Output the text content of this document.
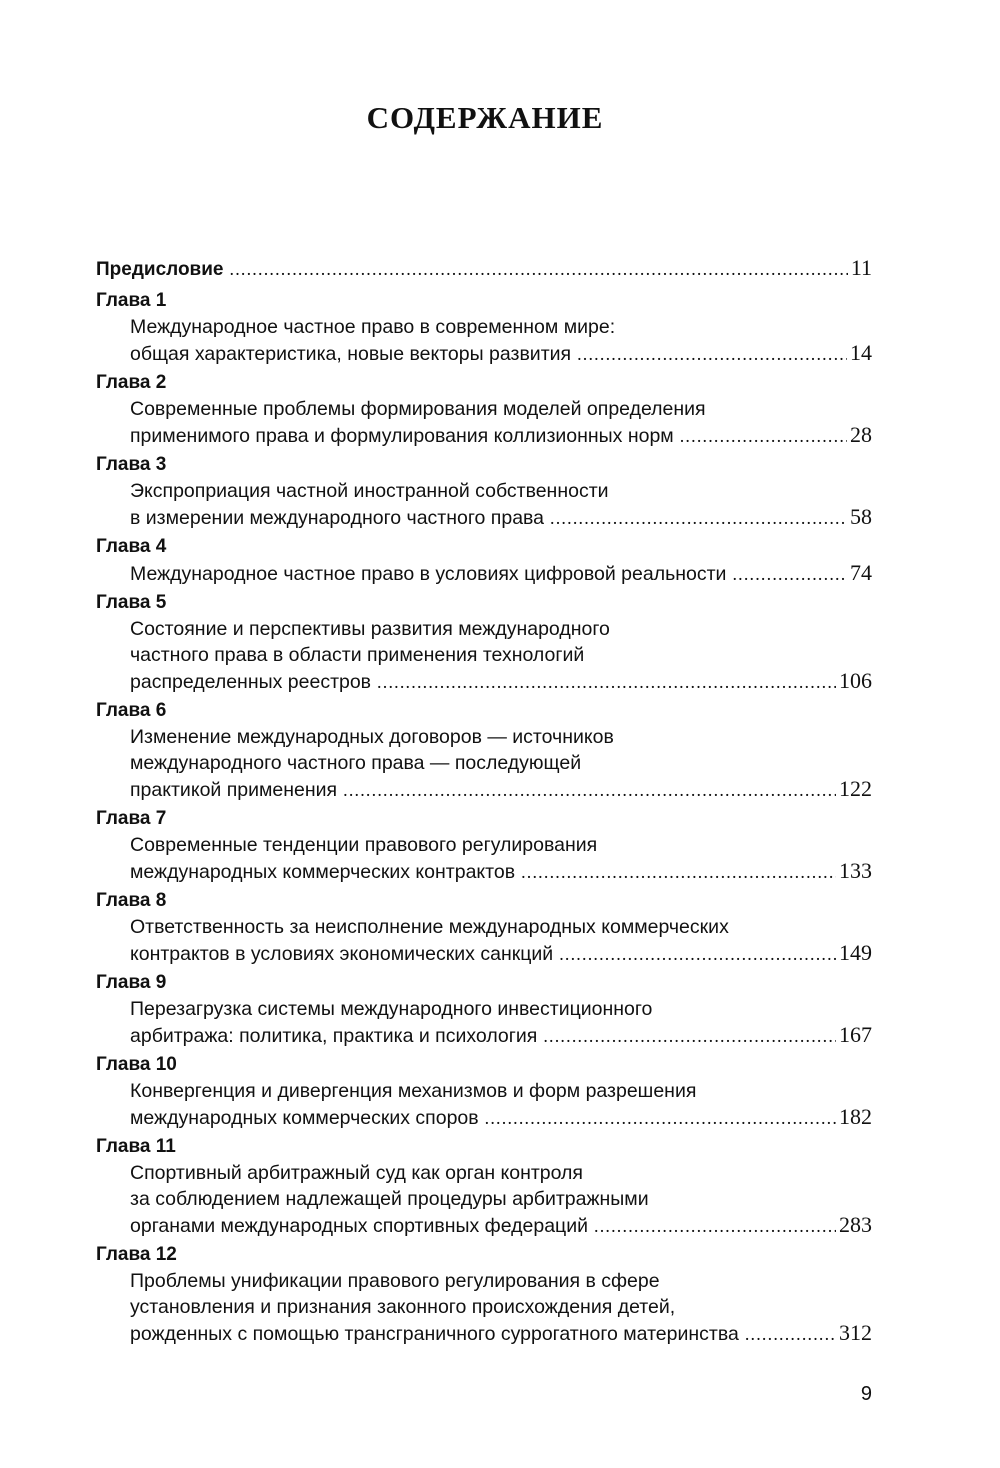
СОДЕРЖАНИЕ
Предисловие .....	11
Глава 1
Международное частное право в современном мире:
общая характеристика, новые векторы развития .....	14
Глава 2
Современные проблемы формирования моделей определения
применимого права и формулирования коллизионных норм .....	28
Глава 3
Экспроприация частной иностранной собственности
в измерении международного частного права .....	58
Глава 4
Международное частное право в условиях цифровой реальности .....	74
Глава 5
Состояние и перспективы развития международного
частного права в области применения технологий
распределенных реестров .....	106
Глава 6
Изменение международных договоров — источников
международного частного права — последующей
практикой применения .....	122
Глава 7
Современные тенденции правового регулирования
международных коммерческих контрактов .....	133
Глава 8
Ответственность за неисполнение международных коммерческих
контрактов в условиях экономических санкций .....	149
Глава 9
Перезагрузка системы международного инвестиционного
арбитража: политика, практика и психология .....	167
Глава 10
Конвергенция и дивергенция механизмов и форм разрешения
международных коммерческих споров .....	182
Глава 11
Спортивный арбитражный суд как орган контроля
за соблюдением надлежащей процедуры арбитражными
органами международных спортивных федераций .....	283
Глава 12
Проблемы унификации правового регулирования в сфере
установления и признания законного происхождения детей,
рожденных с помощью трансграничного суррогатного материнства .....	312
9
